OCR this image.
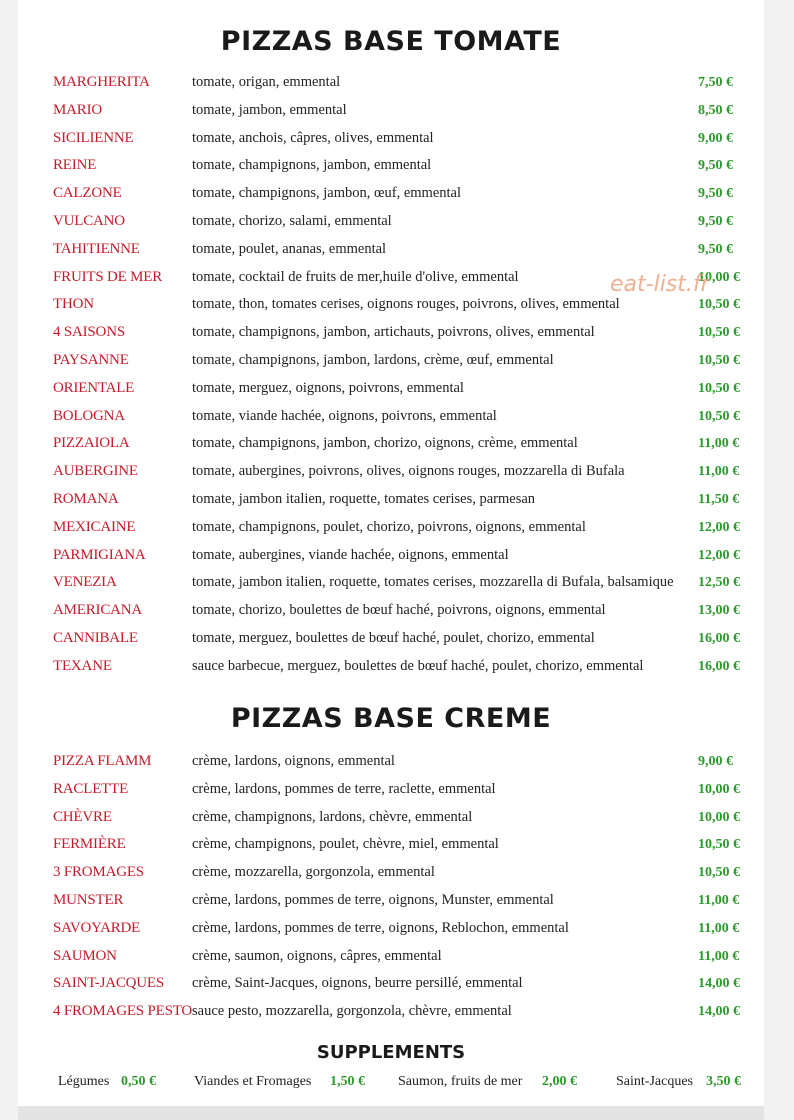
PIZZAS BASE TOMATE
MARGHERITA	tomate, origan, emmental	7,50 €
MARIO	tomate, jambon, emmental	8,50 €
SICILIENNE	tomate, anchois, câpres, olives, emmental	9,00 €
REINE	tomate, champignons, jambon, emmental	9,50 €
CALZONE	tomate, champignons, jambon, œuf, emmental	9,50 €
VULCANO	tomate, chorizo, salami, emmental	9,50 €
TAHITIENNE	tomate, poulet, ananas, emmental	9,50 €
FRUITS DE MER tomate, cocktail de fruits de mer,huile d'olive, emmental	10,00 €
THON	tomate, thon, tomates cerises, oignons rouges, poivrons, olives, emmental	10,50 €
4 SAISONS	tomate, champignons, jambon, artichauts, poivrons, olives, emmental	10,50 €
PAYSANNE	tomate, champignons, jambon, lardons, crème, œuf, emmental	10,50 €
ORIENTALE	tomate, merguez, oignons, poivrons, emmental	10,50 €
BOLOGNA	tomate, viande hachée, oignons, poivrons, emmental	10,50 €
PIZZAIOLA	tomate, champignons, jambon, chorizo, oignons, crème, emmental	11,00 €
AUBERGINE	tomate, aubergines, poivrons, olives, oignons rouges, mozzarella di Bufala	11,00 €
ROMANA	tomate, jambon italien, roquette, tomates cerises, parmesan	11,50 €
MEXICAINE	tomate, champignons, poulet, chorizo, poivrons, oignons, emmental	12,00 €
PARMIGIANA	tomate, aubergines, viande hachée, oignons, emmental	12,00 €
VENEZIA	tomate, jambon italien, roquette, tomates cerises, mozzarella di Bufala, balsamique	12,50 €
AMERICANA	tomate, chorizo, boulettes de bœuf haché, poivrons, oignons, emmental	13,00 €
CANNIBALE	tomate, merguez, boulettes de bœuf haché, poulet, chorizo, emmental	16,00 €
TEXANE	sauce barbecue, merguez, boulettes de bœuf haché, poulet, chorizo, emmental	16,00 €
PIZZAS BASE CREME
PIZZA FLAMM	crème, lardons, oignons, emmental	9,00 €
RACLETTE	crème, lardons, pommes de terre, raclette, emmental	10,00 €
CHÈVRE	crème, champignons, lardons, chèvre, emmental	10,00 €
FERMIÈRE	crème, champignons, poulet, chèvre, miel, emmental	10,50 €
3 FROMAGES	crème, mozzarella, gorgonzola, emmental	10,50 €
MUNSTER	crème, lardons, pommes de terre, oignons, Munster, emmental	11,00 €
SAVOYARDE	crème, lardons, pommes de terre, oignons, Reblochon, emmental	11,00 €
SAUMON	crème, saumon, oignons, câpres, emmental	11,00 €
SAINT-JACQUES crème, Saint-Jacques, oignons, beurre persillé, emmental	14,00 €
4 FROMAGES PESTO sauce pesto, mozzarella, gorgonzola, chèvre, emmental	14,00 €
SUPPLEMENTS
Légumes 0,50 €	Viandes et Fromages 1,50 € Saumon, fruits de mer 2,00 €	Saint-Jacques 3,50 €
eat-list.fr
